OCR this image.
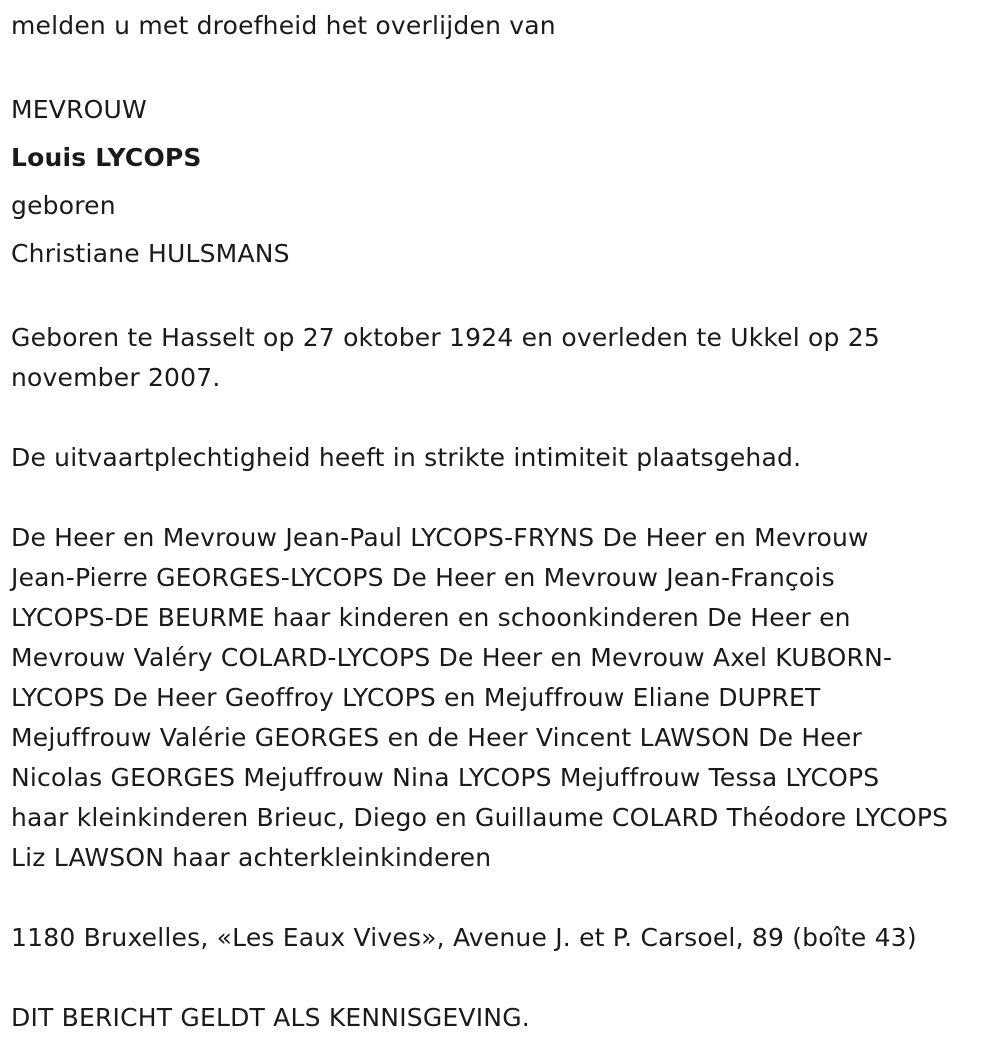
melden u met droefheid het overlijden van
MEVROUW
Louis LYCOPS
geboren
Christiane HULSMANS
Geboren te Hasselt op 27 oktober 1924 en overleden te Ukkel op 25
november 2007.
De uitvaartplechtigheid heeft in strikte intimiteit plaatsgehad.
De Heer en Mevrouw Jean-Paul LYCOPS-FRYNS De Heer en Mevrouw
Jean-Pierre GEORGES-LYCOPS De Heer en Mevrouw Jean-François
LYCOPS-DE BEURME haar kinderen en schoonkinderen De Heer en
Mevrouw Valéry COLARD-LYCOPS De Heer en Mevrouw Axel KUBORN-
LYCOPS De Heer Geoffroy LYCOPS en Mejuffrouw Eliane DUPRET
Mejuffrouw Valérie GEORGES en de Heer Vincent LAWSON De Heer
Nicolas GEORGES Mejuffrouw Nina LYCOPS Mejuffrouw Tessa LYCOPS
haar kleinkinderen Brieuc, Diego en Guillaume COLARD Théodore LYCOPS
Liz LAWSON haar achterkleinkinderen
1180 Bruxelles, «Les Eaux Vives», Avenue J. et P. Carsoel, 89 (boîte 43)
DIT BERICHT GELDT ALS KENNISGEVING.
